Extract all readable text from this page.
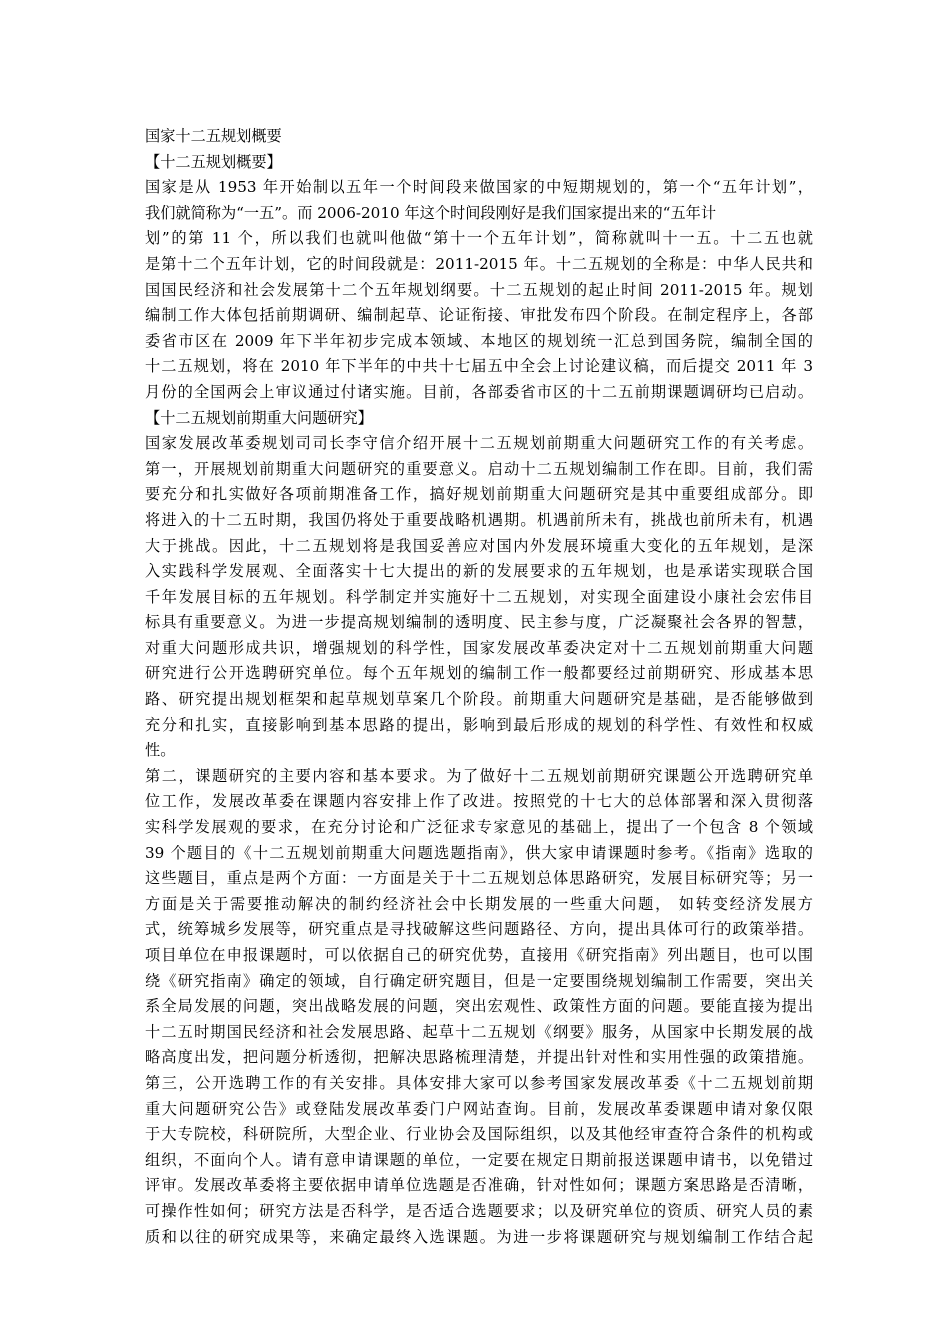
国家十二五规划概要
【十二五规划概要】
国家是从 1953 年开始制以五年一个时间段来做国家的中短期规划的，第一个“五年计划”，
我们就简称为“一五”。而 2006-2010 年这个时间段刚好是我们国家提出来的“五年计
划”的第 11 个，所以我们也就叫他做“第十一个五年计划”，简称就叫十一五。十二五也就
是第十二个五年计划，它的时间段就是：2011-2015 年。十二五规划的全称是：中华人民共和
国国民经济和社会发展第十二个五年规划纲要。十二五规划的起止时间 2011-2015 年。规划
编制工作大体包括前期调研、编制起草、论证衔接、审批发布四个阶段。在制定程序上，各部
委省市区在 2009 年下半年初步完成本领域、本地区的规划统一汇总到国务院，编制全国的
十二五规划，将在 2010 年下半年的中共十七届五中全会上讨论建议稿，而后提交 2011 年 3
月份的全国两会上审议通过付诸实施。目前，各部委省市区的十二五前期课题调研均已启动。
【十二五规划前期重大问题研究】
国家发展改革委规划司司长李守信介绍开展十二五规划前期重大问题研究工作的有关考虑。
第一，开展规划前期重大问题研究的重要意义。启动十二五规划编制工作在即。目前，我们需
要充分和扎实做好各项前期准备工作，搞好规划前期重大问题研究是其中重要组成部分。即
将进入的十二五时期，我国仍将处于重要战略机遇期。机遇前所未有，挑战也前所未有，机遇
大于挑战。因此，十二五规划将是我国妥善应对国内外发展环境重大变化的五年规划，是深
入实践科学发展观、全面落实十七大提出的新的发展要求的五年规划，也是承诺实现联合国
千年发展目标的五年规划。科学制定并实施好十二五规划，对实现全面建设小康社会宏伟目
标具有重要意义。为进一步提高规划编制的透明度、民主参与度，广泛凝聚社会各界的智慧，
对重大问题形成共识，增强规划的科学性，国家发展改革委决定对十二五规划前期重大问题
研究进行公开选聘研究单位。每个五年规划的编制工作一般都要经过前期研究、形成基本思
路、研究提出规划框架和起草规划草案几个阶段。前期重大问题研究是基础，是否能够做到
充分和扎实，直接影响到基本思路的提出，影响到最后形成的规划的科学性、有效性和权威
性。
第二，课题研究的主要内容和基本要求。为了做好十二五规划前期研究课题公开选聘研究单
位工作，发展改革委在课题内容安排上作了改进。按照党的十七大的总体部署和深入贯彻落
实科学发展观的要求，在充分讨论和广泛征求专家意见的基础上，提出了一个包含 8 个领域
39 个题目的《十二五规划前期重大问题选题指南》，供大家申请课题时参考。《指南》选取的
这些题目，重点是两个方面：一方面是关于十二五规划总体思路研究，发展目标研究等；另一
方面是关于需要推动解决的制约经济社会中长期发展的一些重大问题， 如转变经济发展方
式，统筹城乡发展等，研究重点是寻找破解这些问题路径、方向，提出具体可行的政策举措。
项目单位在申报课题时，可以依据自己的研究优势，直接用《研究指南》列出题目，也可以围
绕《研究指南》确定的领域，自行确定研究题目，但是一定要围绕规划编制工作需要，突出关
系全局发展的问题，突出战略发展的问题，突出宏观性、政策性方面的问题。要能直接为提出
十二五时期国民经济和社会发展思路、起草十二五规划《纲要》服务，从国家中长期发展的战
略高度出发，把问题分析透彻，把解决思路梳理清楚，并提出针对性和实用性强的政策措施。
第三，公开选聘工作的有关安排。具体安排大家可以参考国家发展改革委《十二五规划前期
重大问题研究公告》或登陆发展改革委门户网站查询。目前，发展改革委课题申请对象仅限
于大专院校，科研院所，大型企业、行业协会及国际组织，以及其他经审查符合条件的机构或
组织，不面向个人。请有意申请课题的单位，一定要在规定日期前报送课题申请书，以免错过
评审。发展改革委将主要依据申请单位选题是否准确，针对性如何；课题方案思路是否清晰，
可操作性如何；研究方法是否科学，是否适合选题要求；以及研究单位的资质、研究人员的素
质和以往的研究成果等，来确定最终入选课题。为进一步将课题研究与规划编制工作结合起
